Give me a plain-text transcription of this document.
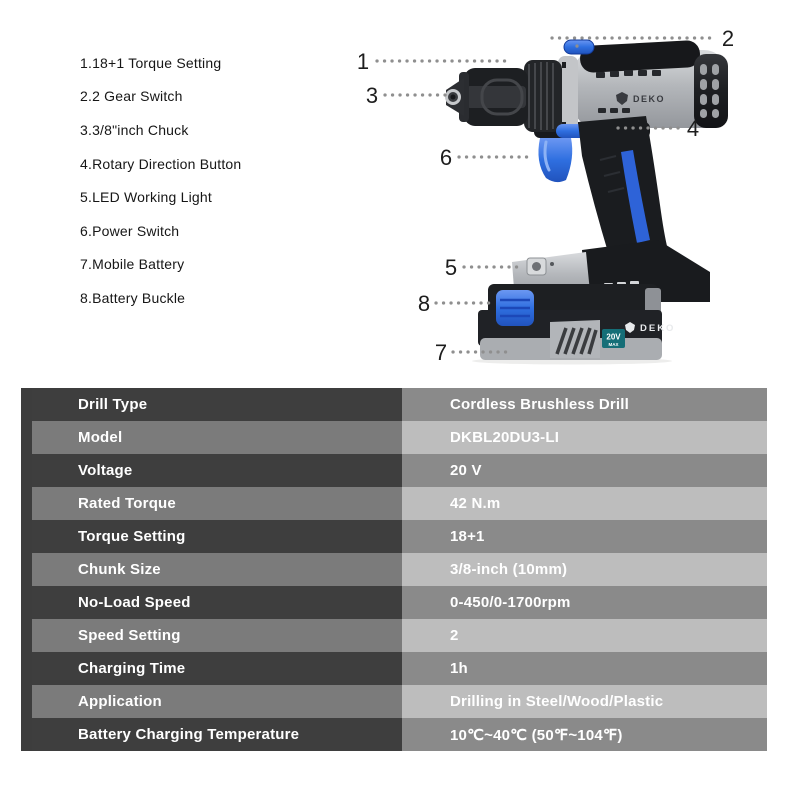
1.18+1 Torque Setting
2.2 Gear Switch
3.3/8"inch Chuck
4.Rotary Direction Button
5.LED Working Light
6.Power Switch
7.Mobile Battery
8.Battery Buckle
DEKO
20V
MAX
DEKO
1
2
3
4
5
6
7
8
Drill Type	Cordless Brushless Drill
Model	DKBL20DU3-LI
Voltage	20 V
Rated Torque	42 N.m
Torque Setting	18+1
Chunk Size	3/8-inch (10mm)
No-Load Speed	0-450/0-1700rpm
Speed Setting	2
Charging Time	1h
Application	Drilling in Steel/Wood/Plastic
Battery Charging Temperature	10℃~40℃ (50℉~104℉)
